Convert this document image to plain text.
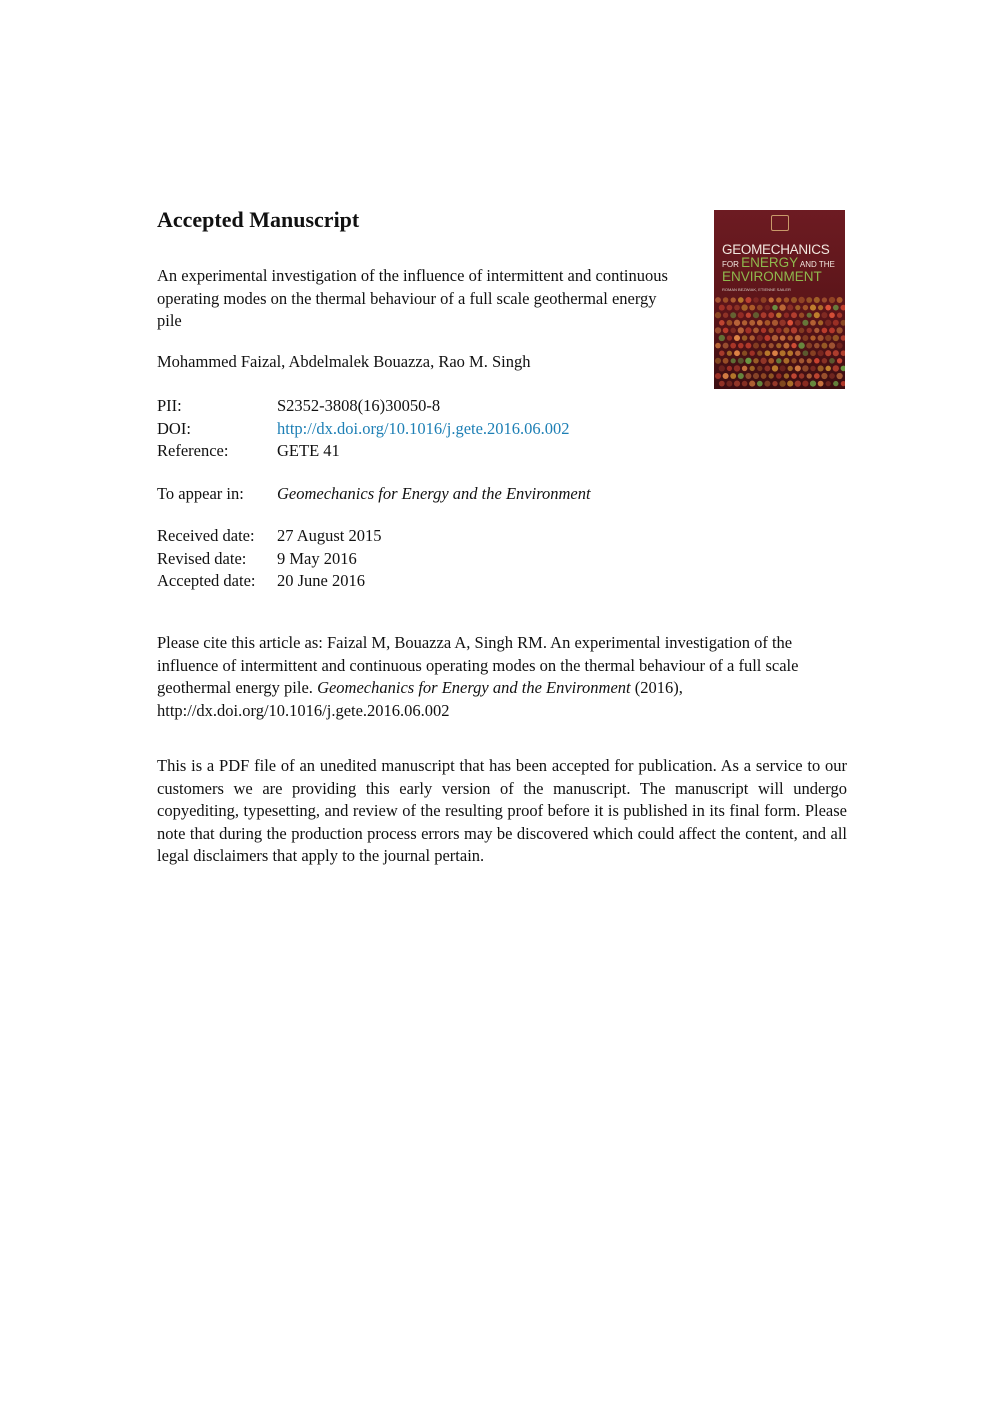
Accepted Manuscript

An experimental investigation of the influence of intermittent and continuous operating modes on the thermal behaviour of a full scale geothermal energy pile

Mohammed Faizal, Abdelmalek Bouazza, Rao M. Singh

PII:	S2352-3808(16)30050-8
DOI:	http://dx.doi.org/10.1016/j.gete.2016.06.002
Reference:	GETE 41
To appear in: Geomechanics for Energy and the Environment
Received date: 27 August 2015
Revised date: 9 May 2016
Accepted date: 20 June 2016

Please cite this article as: Faizal M, Bouazza A, Singh RM. An experimental investigation of the influence of intermittent and continuous operating modes on the thermal behaviour of a full scale geothermal energy pile. Geomechanics for Energy and the Environment (2016),
http://dx.doi.org/10.1016/j.gete.2016.06.002

This is a PDF file of an unedited manuscript that has been accepted for publication. As a service to our customers we are providing this early version of the manuscript. The manuscript will undergo copyediting, typesetting, and review of the resulting proof before it is published in its final form. Please note that during the production process errors may be discovered which could affect the content, and all legal disclaimers that apply to the journal pertain.

GEOMECHANICS
FOR ENERGY AND THE
ENVIRONMENT
ROMAN BEZWIAK, ETIENNE SAILER
